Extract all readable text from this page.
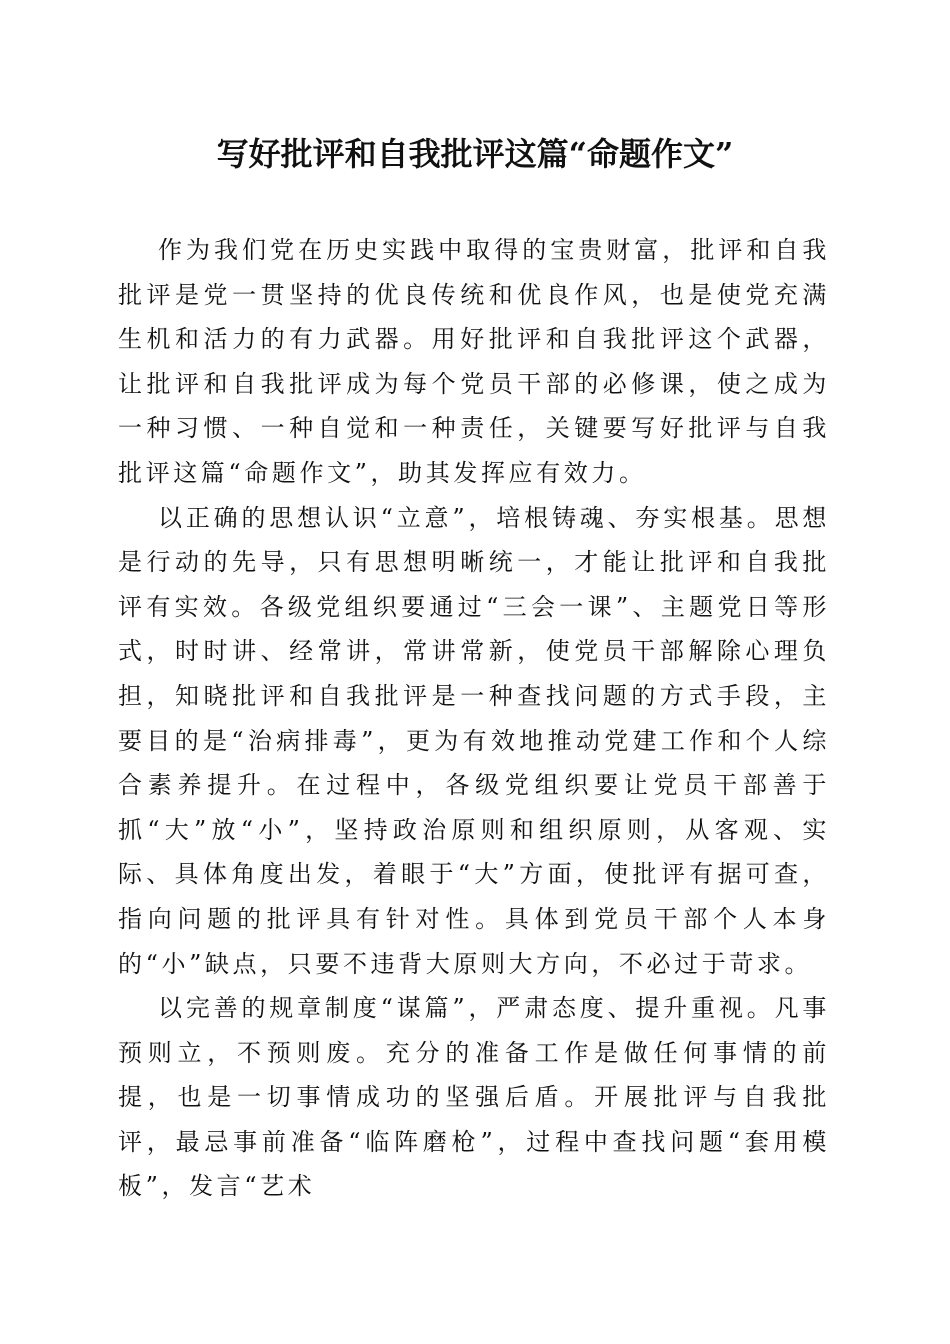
写好批评和自我批评这篇“命题作文”

作为我们党在历史实践中取得的宝贵财富，批评和自我批评是党一贯坚持的优良传统和优良作风，也是使党充满生机和活力的有力武器。用好批评和自我批评这个武器，让批评和自我批评成为每个党员干部的必修课，使之成为一种习惯、一种自觉和一种责任，关键要写好批评与自我批评这篇“命题作文”，助其发挥应有效力。

以正确的思想认识“立意”，培根铸魂、夯实根基。思想是行动的先导，只有思想明晰统一，才能让批评和自我批评有实效。各级党组织要通过“三会一课”、主题党日等形式，时时讲、经常讲，常讲常新，使党员干部解除心理负担，知晓批评和自我批评是一种查找问题的方式手段，主要目的是“治病排毒”，更为有效地推动党建工作和个人综合素养提升。在过程中，各级党组织要让党员干部善于抓“大”放“小”，坚持政治原则和组织原则，从客观、实际、具体角度出发，着眼于“大”方面，使批评有据可查，指向问题的批评具有针对性。具体到党员干部个人本身的“小”缺点，只要不违背大原则大方向，不必过于苛求。

以完善的规章制度“谋篇”，严肃态度、提升重视。凡事预则立，不预则废。充分的准备工作是做任何事情的前提，也是一切事情成功的坚强后盾。开展批评与自我批评，最忌事前准备“临阵磨枪”，过程中查找问题“套用模板”，发言“艺术
